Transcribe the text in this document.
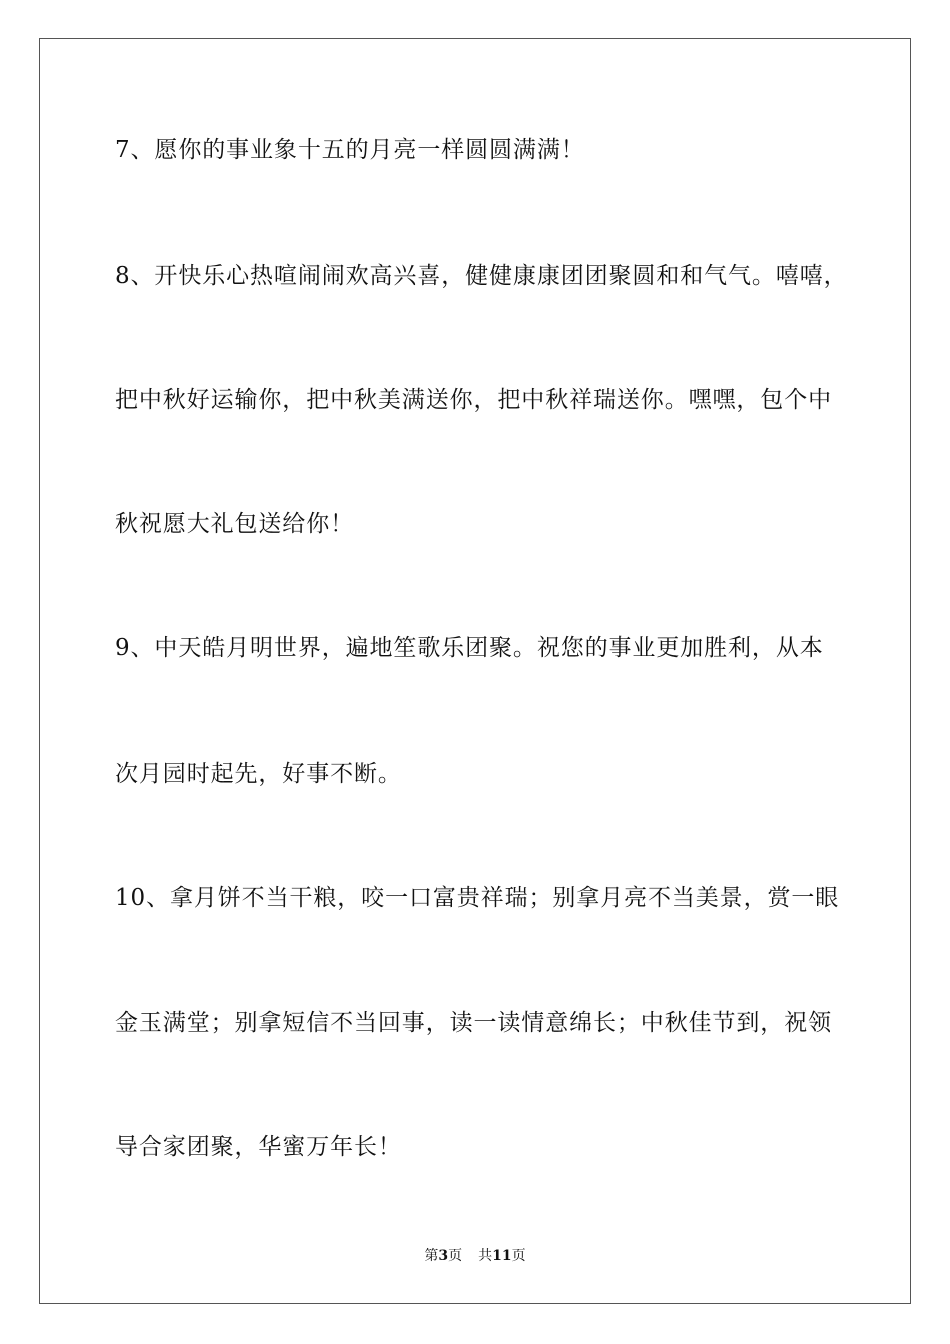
7、愿你的事业象十五的月亮一样圆圆满满！
8、开快乐心热喧闹闹欢高兴喜，健健康康团团聚圆和和气气。嘻嘻，
把中秋好运输你，把中秋美满送你，把中秋祥瑞送你。嘿嘿，包个中
秋祝愿大礼包送给你！
9、中天皓月明世界，遍地笙歌乐团聚。祝您的事业更加胜利，从本
次月园时起先，好事不断。
10、拿月饼不当干粮，咬一口富贵祥瑞；别拿月亮不当美景，赏一眼
金玉满堂；别拿短信不当回事，读一读情意绵长；中秋佳节到，祝领
导合家团聚，华蜜万年长！
第3页 共11页
